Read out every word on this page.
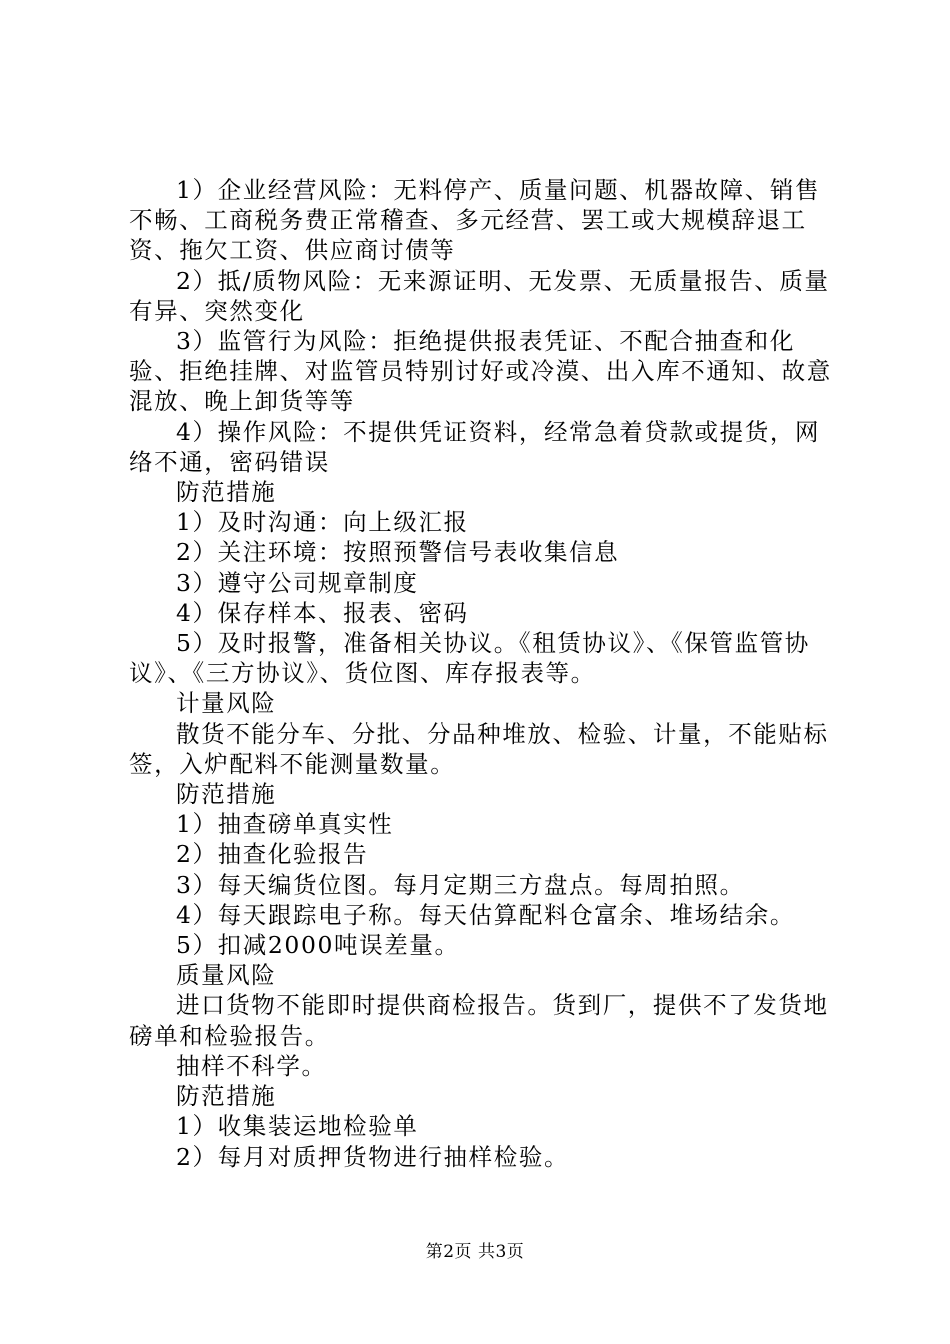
1）企业经营风险：无料停产、质量问题、机器故障、销售不畅、工商税务费正常稽查、多元经营、罢工或大规模辞退工资、拖欠工资、供应商讨债等

2）抵/质物风险：无来源证明、无发票、无质量报告、质量有异、突然变化

3）监管行为风险：拒绝提供报表凭证、不配合抽查和化验、拒绝挂牌、对监管员特别讨好或冷漠、出入库不通知、故意混放、晚上卸货等等

4）操作风险：不提供凭证资料，经常急着贷款或提货，网络不通，密码错误

防范措施

1）及时沟通：向上级汇报

2）关注环境：按照预警信号表收集信息

3）遵守公司规章制度

4）保存样本、报表、密码

5）及时报警，准备相关协议。《租赁协议》、《保管监管协议》、《三方协议》、货位图、库存报表等。

计量风险

散货不能分车、分批、分品种堆放、检验、计量，不能贴标签，入炉配料不能测量数量。

防范措施

1）抽查磅单真实性

2）抽查化验报告

3）每天编货位图。每月定期三方盘点。每周拍照。

4）每天跟踪电子称。每天估算配料仓富余、堆场结余。

5）扣减2000吨误差量。

质量风险

进口货物不能即时提供商检报告。货到厂，提供不了发货地磅单和检验报告。

抽样不科学。

防范措施

1）收集装运地检验单

2）每月对质押货物进行抽样检验。

第2页 共3页
